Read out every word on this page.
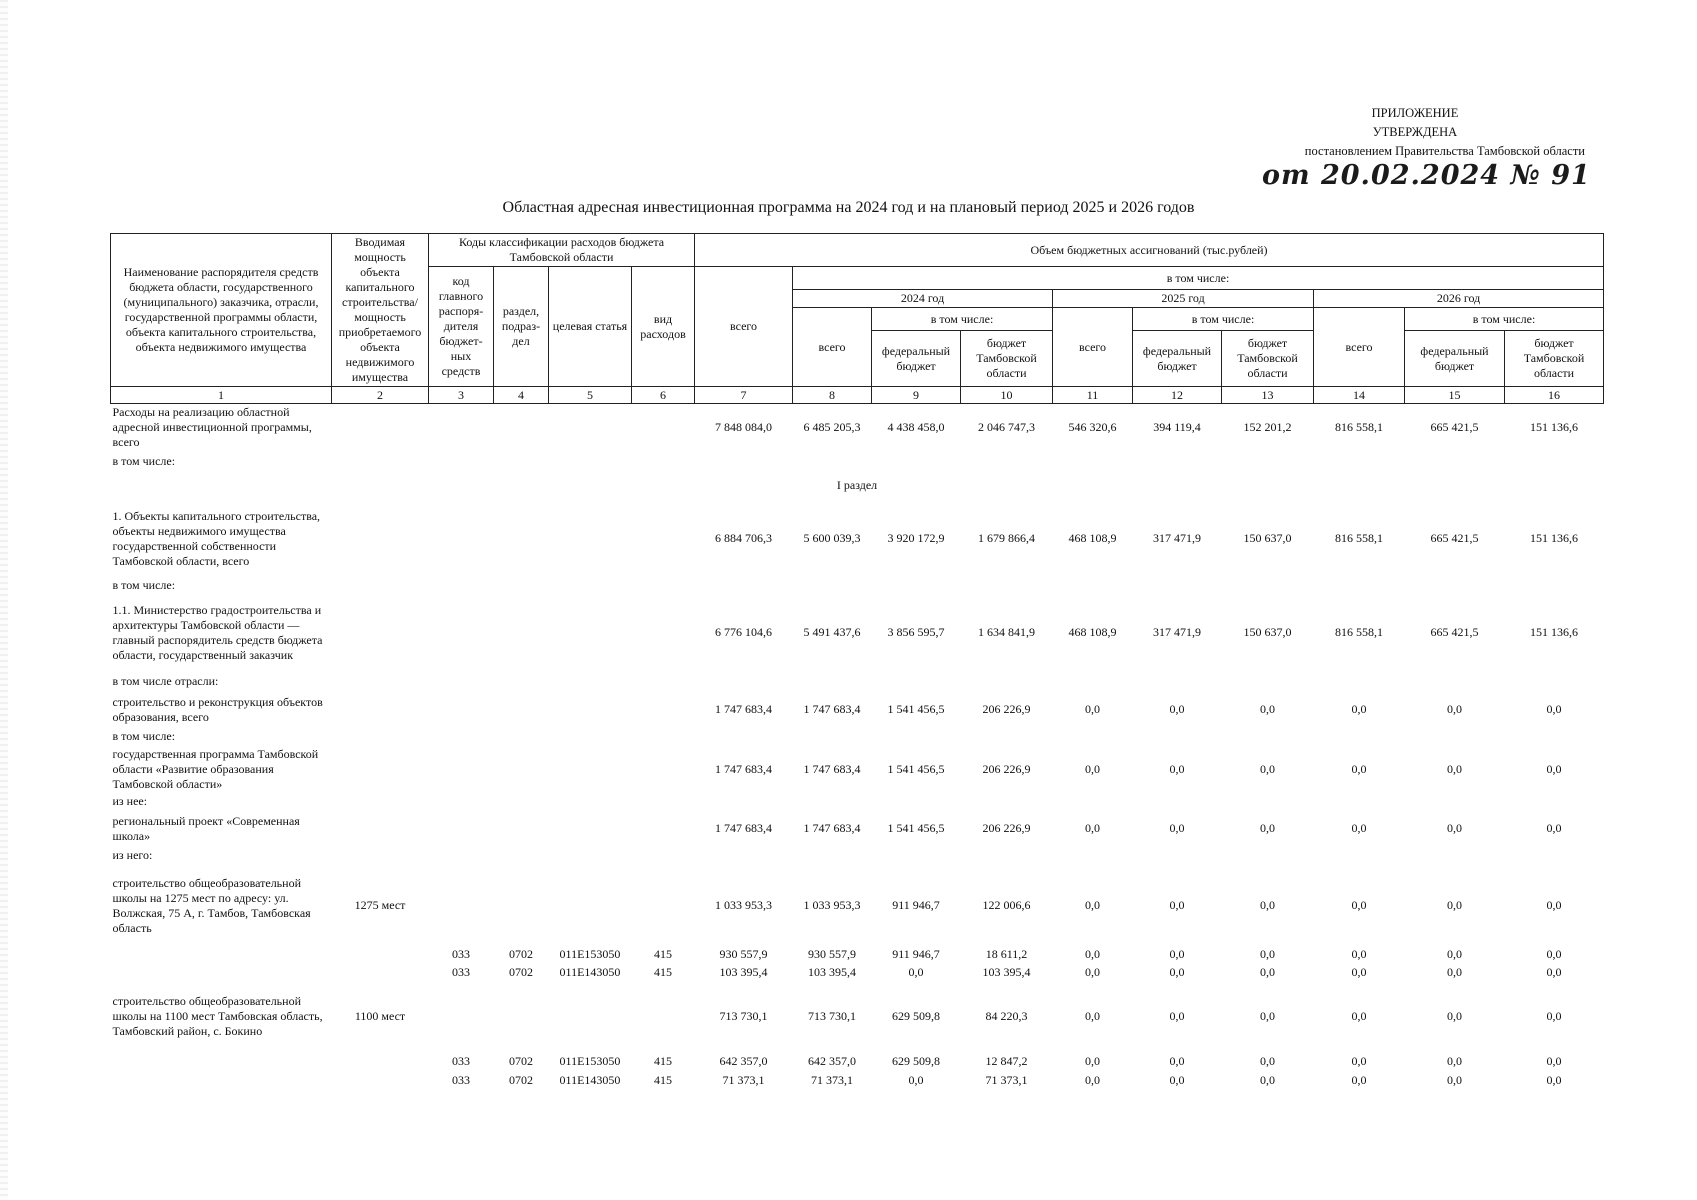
ПРИЛОЖЕНИЕ
УТВЕРЖДЕНА
постановлением Правительства Тамбовской области
от 20.02.2024 № 91
Областная адресная инвестиционная программа на 2024 год и на плановый период 2025 и 2026 годов
Наименование распорядителя средств бюджета области, государственного (муниципального) заказчика, отрасли, государственной программы области, объекта капитального строительства, объекта недвижимого имущества	Вводимая мощность объекта капитального строительства/ мощность приобретаемого объекта недвижимого имущества	Коды классификации расходов бюджета Тамбовской области				Объем бюджетных ассигнований (тыс.рублей)									
		код главного распоря- дителя бюджет- ных средств	раздел, подраз- дел	целевая статья	вид расходов	всего	в том числе:								
							2024 год			2025 год			2026 год		
							всего	в том числе:		всего	в том числе:		всего	в том числе:	
								федеральный бюджет	бюджет Тамбовской области		федеральный бюджет	бюджет Тамбовской области		федеральный бюджет	бюджет Тамбовской области
1	2	3	4	5	6	7	8	9	10	11	12	13	14	15	16
Расходы на реализацию областной адресной инвестиционной программы, всего						7 848 084,0	6 485 205,3	4 438 458,0	2 046 747,3	546 320,6	394 119,4	152 201,2	816 558,1	665 421,5	151 136,6
в том числе:															
I раздел															
1. Объекты капитального строительства, объекты недвижимого имущества государственной собственности Тамбовской области, всего						6 884 706,3	5 600 039,3	3 920 172,9	1 679 866,4	468 108,9	317 471,9	150 637,0	816 558,1	665 421,5	151 136,6
в том числе:															
1.1. Министерство градостроительства и архитектуры Тамбовской области — главный распорядитель средств бюджета области, государственный заказчик						6 776 104,6	5 491 437,6	3 856 595,7	1 634 841,9	468 108,9	317 471,9	150 637,0	816 558,1	665 421,5	151 136,6
в том числе отрасли:															
строительство и реконструкция объектов образования, всего						1 747 683,4	1 747 683,4	1 541 456,5	206 226,9	0,0	0,0	0,0	0,0	0,0	0,0
в том числе:															
государственная программа Тамбовской области «Развитие образования Тамбовской области»						1 747 683,4	1 747 683,4	1 541 456,5	206 226,9	0,0	0,0	0,0	0,0	0,0	0,0
из нее:															
региональный проект «Современная школа»						1 747 683,4	1 747 683,4	1 541 456,5	206 226,9	0,0	0,0	0,0	0,0	0,0	0,0
из него:															
строительство общеобразовательной школы на 1275 мест по адресу: ул. Волжская, 75 А, г. Тамбов, Тамбовская область	1275 мест					1 033 953,3	1 033 953,3	911 946,7	122 006,6	0,0	0,0	0,0	0,0	0,0	0,0
		033	0702	011E153050	415	930 557,9	930 557,9	911 946,7	18 611,2	0,0	0,0	0,0	0,0	0,0	0,0
		033	0702	011E143050	415	103 395,4	103 395,4	0,0	103 395,4	0,0	0,0	0,0	0,0	0,0	0,0
строительство общеобразовательной школы на 1100 мест Тамбовская область, Тамбовский район, с. Бокино	1100 мест					713 730,1	713 730,1	629 509,8	84 220,3	0,0	0,0	0,0	0,0	0,0	0,0
		033	0702	011E153050	415	642 357,0	642 357,0	629 509,8	12 847,2	0,0	0,0	0,0	0,0	0,0	0,0
		033	0702	011E143050	415	71 373,1	71 373,1	0,0	71 373,1	0,0	0,0	0,0	0,0	0,0	0,0
